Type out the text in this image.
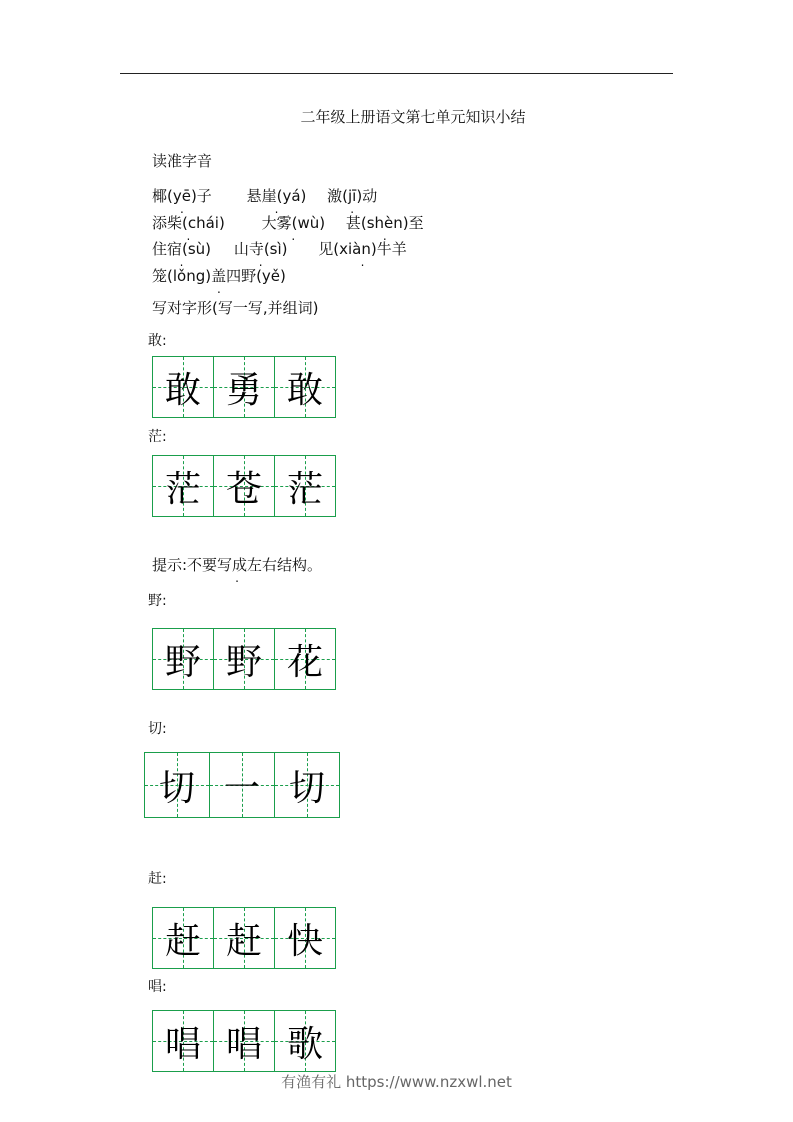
二年级上册语文第七单元知识小结
读准字音
椰(yē)子 . 悬崖(yá) . 激(jī)动 .
添柴(chái) . 大雾(wù) . 甚(shèn)至 .
住宿(sù) . 山寺(sì) . 见(xiàn)牛羊 .
笼(lǒng)盖四野(yě) .
写对字形(写一写,并组词)
敢:
敢 勇 敢
茫:
茫 苍 茫
提示:不要写成左右结构。 .
野:
野 野 花
切:
切 一 切
赶:
赶 赶 快
唱:
唱 唱 歌
有渔有礼 https://www.nzxwl.net
